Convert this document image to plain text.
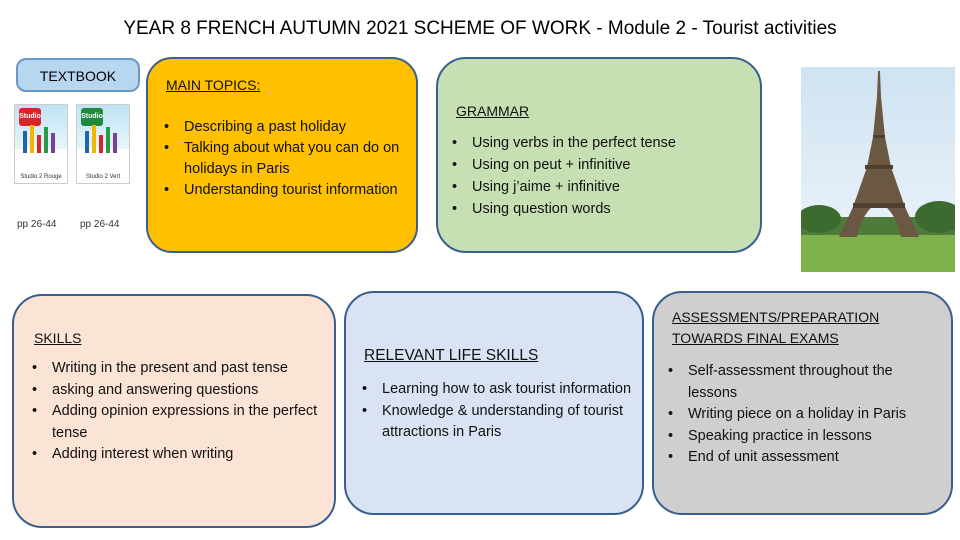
YEAR 8 FRENCH AUTUMN 2021 SCHEME OF WORK - Module 2 - Tourist activities
TEXTBOOK
Studio
Studio 2 Rouge
Studio
Studio 2 Vert
pp 26-44 pp 26-44
MAIN TOPICS:
• Describing a past holiday
• Talking about what you can do on holidays in Paris
• Understanding tourist information
GRAMMAR
• Using verbs in the perfect tense
• Using on peut + infinitive
• Using j’aime + infinitive
• Using question words
SKILLS
• Writing in the present and past tense
• asking and answering questions
• Adding opinion expressions in the perfect tense
• Adding interest when writing
RELEVANT LIFE SKILLS
• Learning how to ask tourist information
• Knowledge & understanding of tourist attractions in Paris
ASSESSMENTS/PREPARATION TOWARDS FINAL EXAMS
• Self-assessment throughout the lessons
• Writing piece on a holiday in Paris
• Speaking practice in lessons
• End of unit assessment
